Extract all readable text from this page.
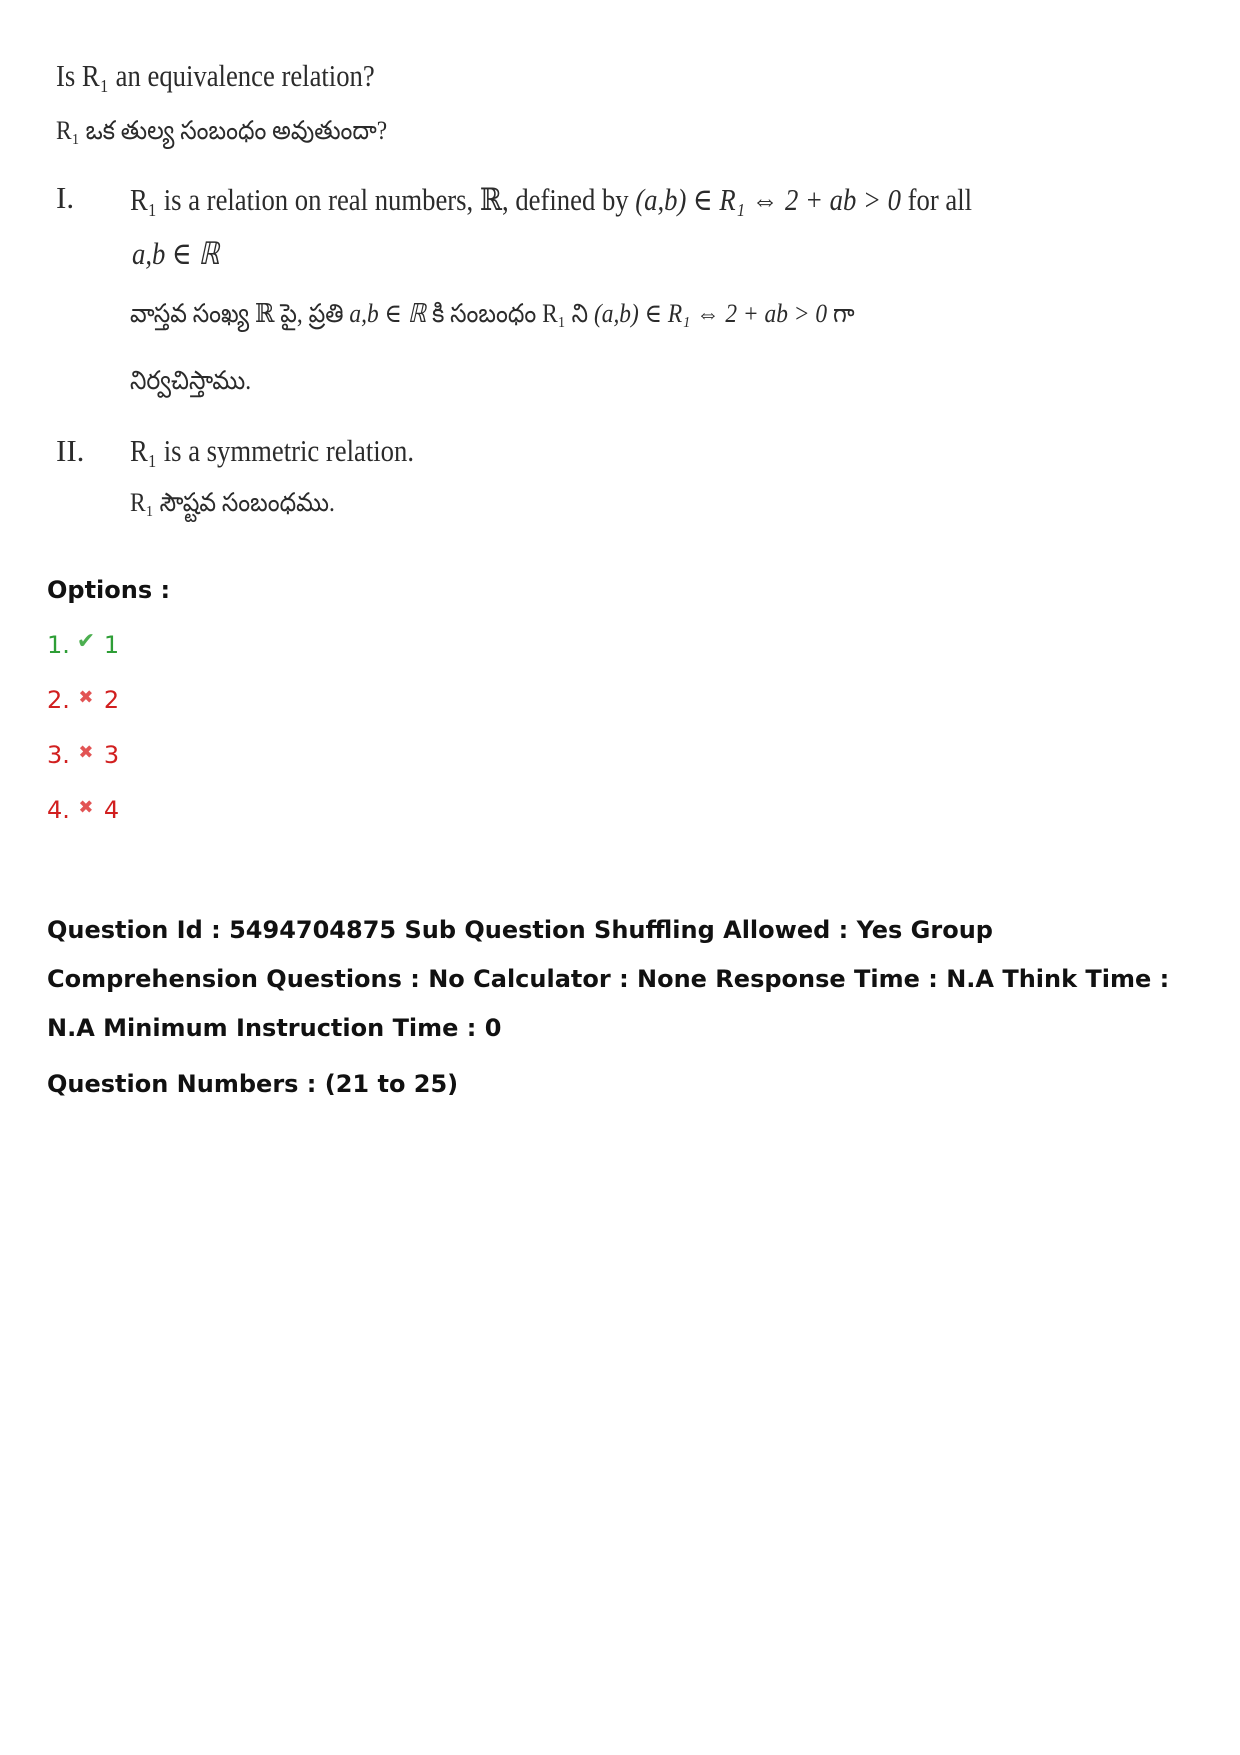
Is R₁ an equivalence relation?
R₁ ఒక తుల్య సంబంధం అవుతుందా?
I. R₁ is a relation on real numbers, ℝ, defined by (a,b) ∈ R₁ ⇔ 2 + ab > 0 for all
a,b ∈ ℝ
వాస్తవ సంఖ్య ℝ పై, ప్రతి a,b ∈ ℝ కి సంబంధం R₁ ని (a,b) ∈ R₁ ⇔ 2 + ab > 0 గా
నిర్వచిస్తాము.
II. R₁ is a symmetric relation.
R₁ సౌష్టవ సంబంధము.
Options :
1. ✔ 1
2. ✖ 2
3. ✖ 3
4. ✖ 4
Question Id : 5494704875 Sub Question Shuffling Allowed : Yes Group Comprehension Questions : No Calculator : None Response Time : N.A Think Time : N.A Minimum Instruction Time : 0
Question Numbers : (21 to 25)
